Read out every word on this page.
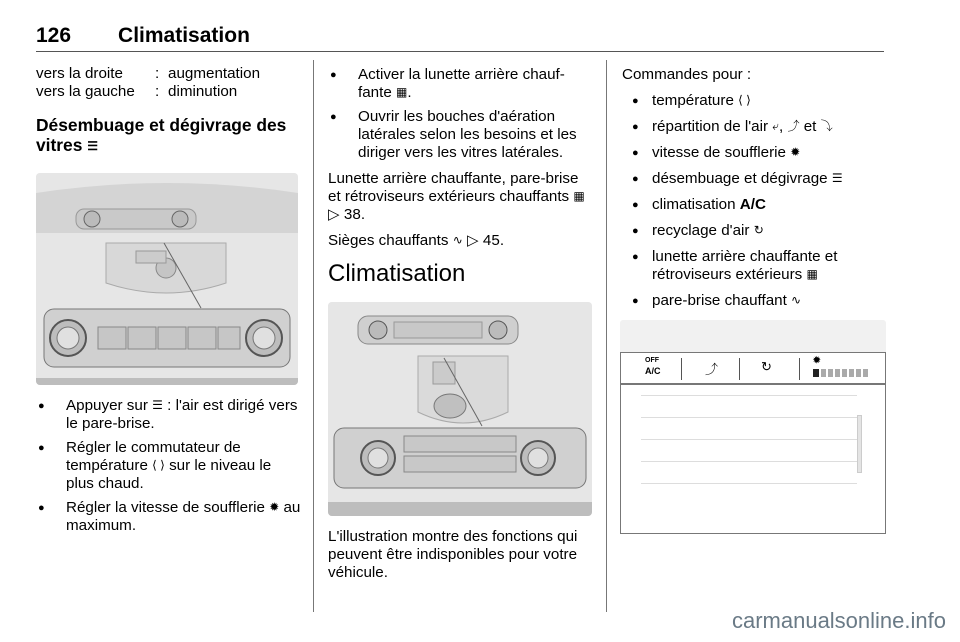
126 Climatisation
vers la droite	: augmentation
vers la gauche	: diminution
Désembuage et dégivrage des
vitres ☰
● Appuyer sur ☰ : l'air est dirigé vers le pare-brise.
● Régler le commutateur de température ⟨ ⟩ sur le niveau le plus chaud.
● Régler la vitesse de soufflerie ✹ au maximum.
● Activer la lunette arrière chauf-fante ▦.
● Ouvrir les bouches d'aération latérales selon les besoins et les diriger vers les vitres latérales.

Lunette arrière chauffante, pare-brise et rétroviseurs extérieurs chauffants ▦ ▷ 38.

Sièges chauffants ∿ ▷ 45.

Climatisation
L'illustration montre des fonctions qui peuvent être indisponibles pour votre véhicule.
Commandes pour :
● température ⟨ ⟩
● répartition de l'air ⤶, ⤴ et ⤵
● vitesse de soufflerie ✹
● désembuage et dégivrage ☰
● climatisation A/C
● recyclage d'air ↻
● lunette arrière chauffante et rétroviseurs extérieurs ▦
● pare-brise chauffant ∿
●
OFF
A/C	⤴	↻	✹
carmanualsonline.info
